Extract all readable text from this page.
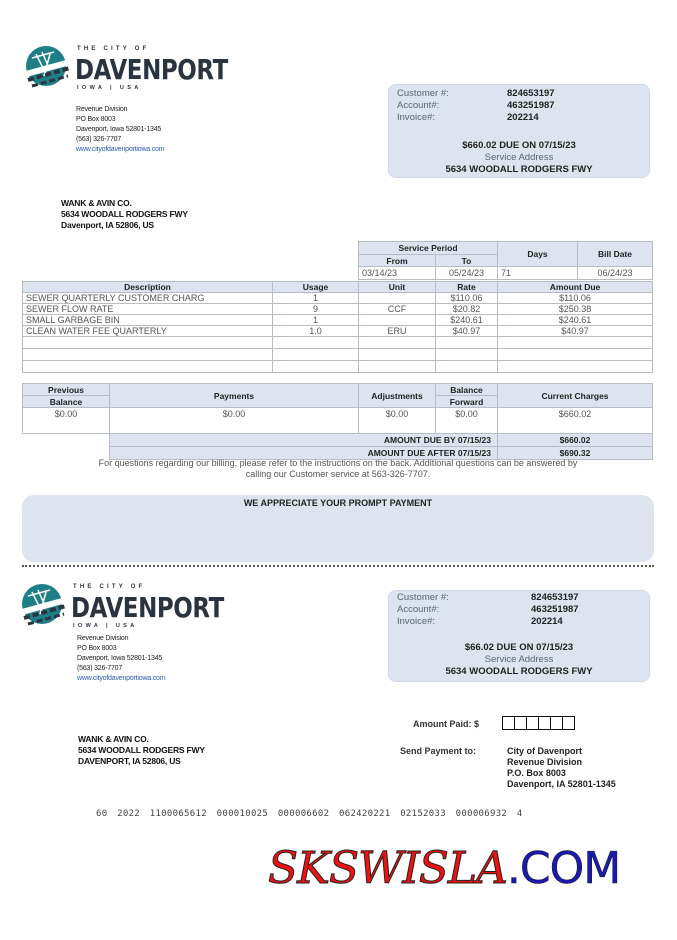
THE CITY OF
DAVENPORT
IOWA | USA
Revenue Division
PO Box 8003
Davenport, Iowa 52801-1345
(563) 326-7707
www.cityofdavenportiowa.com
Customer #:	824653197
Account#:	463251987
Invoice#:	202214
$660.02 DUE ON 07/15/23
Service Address
5634 WOODALL RODGERS FWY
WANK & AVIN CO.
5634 WOODALL RODGERS FWY
Davenport, IA 52806, US
Service Period		Days	Bill Date
From	To		
03/14/23	05/24/23	71	06/24/23
Description	Usage	Unit	Rate	Amount Due
SEWER QUARTERLY CUSTOMER CHARG	1		$110.06	$110.06
SEWER FLOW RATE	9	CCF	$20.82	$250.38
SMALL GARBAGE BIN	1		$240.61	$240.61
CLEAN WATER FEE QUARTERLY	1.0	ERU	$40.97	$40.97

Previous	Payments	Adjustments	Balance	Current Charges
Balance			Forward	
$0.00	$0.00	$0.00	$0.00	$660.02
	AMOUNT DUE BY 07/15/23			$660.02
	AMOUNT DUE AFTER 07/15/23			$690.32
For questions regarding our billing, please refer to the instructions on the back. Additional questions can be answered by
calling our Customer service at 563-326-7707.
WE APPRECIATE YOUR PROMPT PAYMENT
THE CITY OF
DAVENPORT
IOWA | USA
Revenue Division
PO Box 8003
Davenport, Iowa 52801-1345
(563) 326-7707
www.cityofdavenportiowa.com
Customer #:	824653197
Account#:	463251987
Invoice#:	202214
$66.02 DUE ON 07/15/23
Service Address
5634 WOODALL RODGERS FWY
WANK & AVIN CO.
5634 WOODALL RODGERS FWY
DAVENPORT, IA 52806, US
Amount Paid: $
Send Payment to:	City of Davenport
Revenue Division
P.O. Box 8003
Davenport, IA 52801-1345
60 2022 1100065612 000010025 000006602 062420221 02152033 000006932 4
SKSWISLA.COM
